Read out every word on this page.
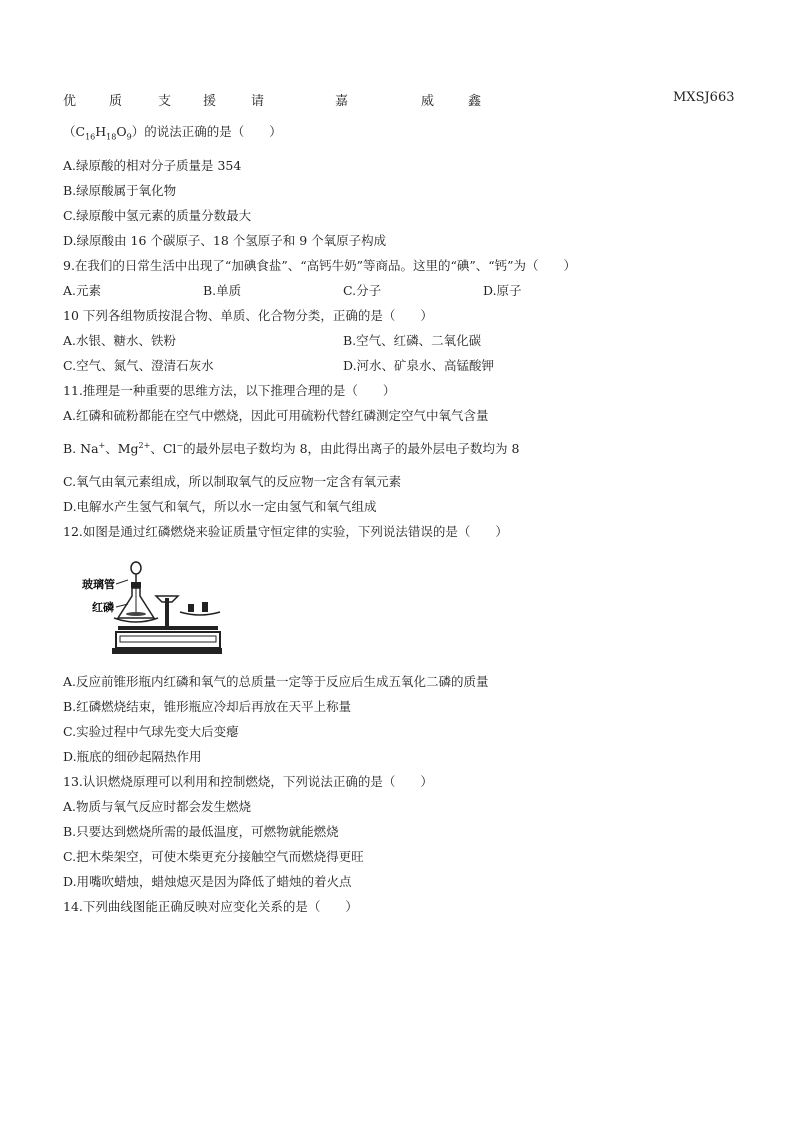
优	质	支 援	请	嘉	威	鑫	MXSJ663
$(C_{16}H_{18}O_9)$的说法正确的是（　　）
A.绿原酸的相对分子质量是 354
B.绿原酸属于氧化物
C.绿原酸中氢元素的质量分数最大
D.绿原酸由 16 个碳原子、18 个氢原子和 9 个氧原子构成
9.在我们的日常生活中出现了“加碘食盐”、“高钙牛奶”等商品。这里的“碘”、“钙”为（　　）
A.元素	B.单质	C.分子	D.原子
10 下列各组物质按混合物、单质、化合物分类，正确的是（　　）
A.水银、糖水、铁粉	B.空气、红磷、二氧化碳
C.空气、氮气、澄清石灰水	D.河水、矿泉水、高锰酸钾
11.推理是一种重要的思维方法，以下推理合理的是（　　）
A.红磷和硫粉都能在空气中燃烧，因此可用硫粉代替红磷测定空气中氧气含量
B. Na+、$Mg^{2+}$、Cl−的最外层电子数均为 8，由此得出离子的最外层电子数均为 8
C.氧气由氧元素组成，所以制取氧气的反应物一定含有氧元素
D.电解水产生氢气和氧气，所以水一定由氢气和氧气组成
12.如图是通过红磷燃烧来验证质量守恒定律的实验，下列说法错误的是（　　）
玻璃管
红磷
A.反应前锥形瓶内红磷和氧气的总质量一定等于反应后生成五氧化二磷的质量
B.红磷燃烧结束，锥形瓶应冷却后再放在天平上称量
C.实验过程中气球先变大后变瘪
D.瓶底的细砂起隔热作用
13.认识燃烧原理可以利用和控制燃烧，下列说法正确的是（　　）
A.物质与氧气反应时都会发生燃烧
B.只要达到燃烧所需的最低温度，可燃物就能燃烧
C.把木柴架空，可使木柴更充分接触空气而燃烧得更旺
D.用嘴吹蜡烛，蜡烛熄灭是因为降低了蜡烛的着火点
14.下列曲线图能正确反映对应变化关系的是（　　）
